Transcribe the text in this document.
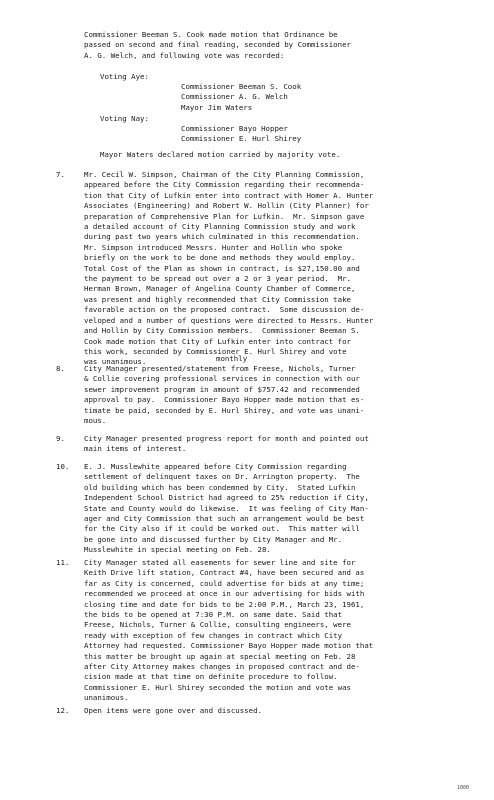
Commissioner Beeman S. Cook made motion that Ordinance be
passed on second and final reading, seconded by Commissioner
A. G. Welch, and following vote was recorded:
Voting Aye:
Commissioner Beeman S. Cook
Commissioner A. G. Welch
Mayor Jim Waters
Voting Nay:
Commissioner Bayo Hopper
Commissioner E. Hurl Shirey
Mayor Waters declared motion carried by majority vote.
7.	Mr. Cecil W. Simpson, Chairman of the City Planning Commission,
appeared before the City Commission regarding their recommenda-
tion that City of Lufkin enter into contract with Homer A. Hunter
Associates (Engineering) and Robert W. Hollin (City Planner) for
preparation of Comprehensive Plan for Lufkin.  Mr. Simpson gave
a detailed account of City Planning Commission study and work
during past two years which culminated in this recommendation.
Mr. Simpson introduced Messrs. Hunter and Hollin who spoke
briefly on the work to be done and methods they would employ.
Total Cost of the Plan as shown in contract, is $27,150.00 and
the payment to be spread out over a 2 or 3 year period.  Mr.
Herman Brown, Manager of Angelina County Chamber of Commerce,
was present and highly recommended that City Commission take
favorable action on the proposed contract.  Some discussion de-
veloped and a number of questions were directed to Messrs. Hunter
and Hollin by City Commission members.  Commissioner Beeman S.
Cook made motion that City of Lufkin enter into contract for
this work, seconded by Commissioner E. Hurl Shirey and vote
was unanimous.	monthly
8.	City Manager presented/statement from Freese, Nichols, Turner
& Collie covering professional services in connection with our
sewer improvement program in amount of $757.42 and recommended
approval to pay.  Commissioner Bayo Hopper made motion that es-
timate be paid, seconded by E. Hurl Shirey, and vote was unani-
mous.
9.	City Manager presented progress report for month and pointed out
main items of interest.
10. E. J. Musslewhite appeared before City Commission regarding
settlement of delinquent taxes on Dr. Arrington property.  The
old building which has been condemned by City.  Stated Lufkin
Independent School District had agreed to 25% reduction if City,
State and County would do likewise.  It was feeling of City Man-
ager and City Commission that such an arrangement would be best
for the City also if it could be worked out.  This matter will
be gone into and discussed further by City Manager and Mr.
Musslewhite in special meeting on Feb. 28.
11. City Manager stated all easements for sewer line and site for
Keith Drive lift station, Contract #4, have been secured and as
far as City is concerned, could advertise for bids at any time;
recommended we proceed at once in our advertising for bids with
closing time and date for bids to be 2:00 P.M., March 23, 1961,
the bids to be opened at 7:30 P.M. on same date. Said that
Freese, Nichols, Turner & Collie, consulting engineers, were
ready with exception of few changes in contract which City
Attorney had requested. Commissioner Bayo Hopper made motion that
this matter be brought up again at special meeting on Feb. 28
after City Attorney makes changes in proposed contract and de-
cision made at that time on definite procedure to follow.
Commissioner E. Hurl Shirey seconded the motion and vote was
unanimous.
12. Open items were gone over and discussed.
1000
